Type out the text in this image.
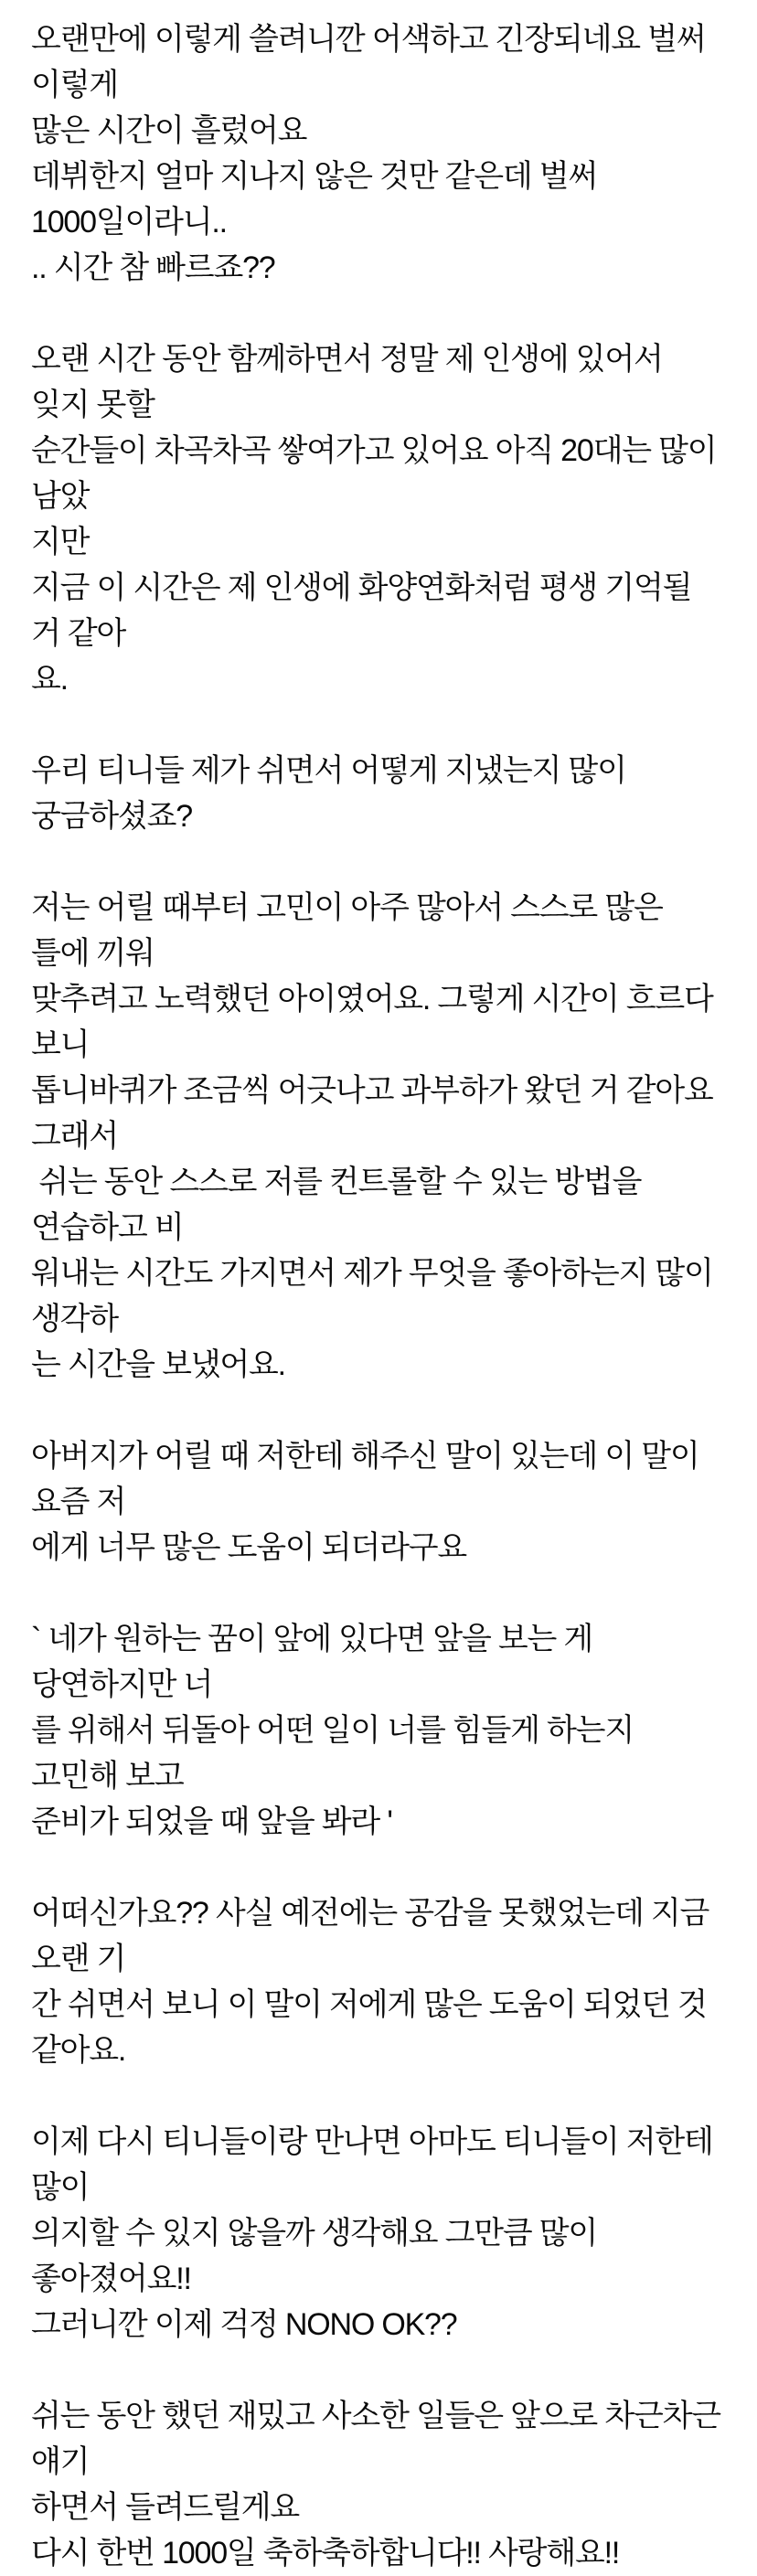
오랜만에 이렇게 쓸려니깐 어색하고 긴장되네요 벌써 이렇게
많은 시간이 흘렀어요
데뷔한지 얼마 지나지 않은 것만 같은데 벌써 1000일이라니..
.. 시간 참 빠르죠??
오랜 시간 동안 함께하면서 정말 제 인생에 있어서 잊지 못할
순간들이 차곡차곡 쌓여가고 있어요 아직 20대는 많이 남았
지만
지금 이 시간은 제 인생에 화양연화처럼 평생 기억될 거 같아
요.
우리 티니들 제가 쉬면서 어떻게 지냈는지 많이 궁금하셨죠?
저는 어릴 때부터 고민이 아주 많아서 스스로 많은 틀에 끼워
맞추려고 노력했던 아이였어요. 그렇게 시간이 흐르다 보니
톱니바퀴가 조금씩 어긋나고 과부하가 왔던 거 같아요 그래서
쉬는 동안 스스로 저를 컨트롤할 수 있는 방법을 연습하고 비
워내는 시간도 가지면서 제가 무엇을 좋아하는지 많이 생각하
는 시간을 보냈어요.
아버지가 어릴 때 저한테 해주신 말이 있는데 이 말이 요즘 저
에게 너무 많은 도움이 되더라구요
` 네가 원하는 꿈이 앞에 있다면 앞을 보는 게 당연하지만 너
를 위해서 뒤돌아 어떤 일이 너를 힘들게 하는지 고민해 보고
준비가 되었을 때 앞을 봐라 '
어떠신가요?? 사실 예전에는 공감을 못했었는데 지금 오랜 기
간 쉬면서 보니 이 말이 저에게 많은 도움이 되었던 것 같아요.
이제 다시 티니들이랑 만나면 아마도 티니들이 저한테 많이
의지할 수 있지 않을까 생각해요 그만큼 많이 좋아졌어요!!
그러니깐 이제 걱정 NONO OK??
쉬는 동안 했던 재밌고 사소한 일들은 앞으로 차근차근 얘기
하면서 들려드릴게요
다시 한번 1000일 축하축하합니다!! 사랑해요!!
